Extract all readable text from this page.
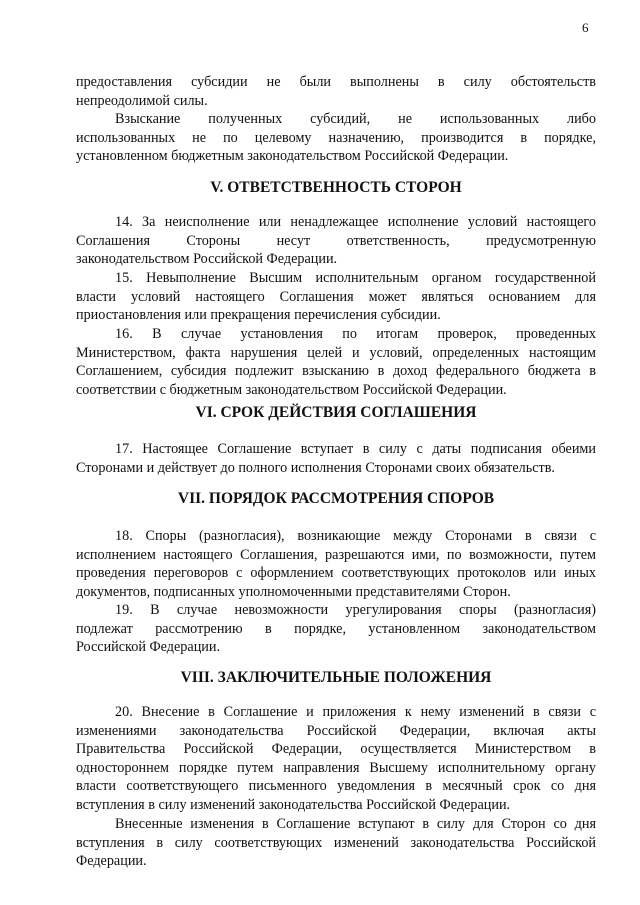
6
предоставления субсидии не были выполнены в силу обстоятельств
непреодолимой силы.
Взыскание полученных субсидий, не использованных либо
использованных не по целевому назначению, производится в порядке,
установленном бюджетным законодательством Российской Федерации.
V. ОТВЕТСТВЕННОСТЬ СТОРОН
14. За неисполнение или ненадлежащее исполнение условий настоящего
Соглашения Стороны несут ответственность, предусмотренную
законодательством Российской Федерации.
15. Невыполнение Высшим исполнительным органом государственной
власти условий настоящего Соглашения может являться основанием для
приостановления или прекращения перечисления субсидии.
16. В случае установления по итогам проверок, проведенных
Министерством, факта нарушения целей и условий, определенных настоящим
Соглашением, субсидия подлежит взысканию в доход федерального бюджета в
соответствии с бюджетным законодательством Российской Федерации.
VI. СРОК ДЕЙСТВИЯ СОГЛАШЕНИЯ
17. Настоящее Соглашение вступает в силу с даты подписания обеими
Сторонами и действует до полного исполнения Сторонами своих обязательств.
VII. ПОРЯДОК РАССМОТРЕНИЯ СПОРОВ
18. Споры (разногласия), возникающие между Сторонами в связи с
исполнением настоящего Соглашения, разрешаются ими, по возможности, путем
проведения переговоров с оформлением соответствующих протоколов или иных
документов, подписанных уполномоченными представителями Сторон.
19. В случае невозможности урегулирования споры (разногласия)
подлежат рассмотрению в порядке, установленном законодательством
Российской Федерации.
VIII. ЗАКЛЮЧИТЕЛЬНЫЕ ПОЛОЖЕНИЯ
20. Внесение в Соглашение и приложения к нему изменений в связи с
изменениями законодательства Российской Федерации, включая акты
Правительства Российской Федерации, осуществляется Министерством в
одностороннем порядке путем направления Высшему исполнительному органу
власти соответствующего письменного уведомления в месячный срок со дня
вступления в силу изменений законодательства Российской Федерации.
Внесенные изменения в Соглашение вступают в силу для Сторон со дня
вступления в силу соответствующих изменений законодательства Российской
Федерации.
